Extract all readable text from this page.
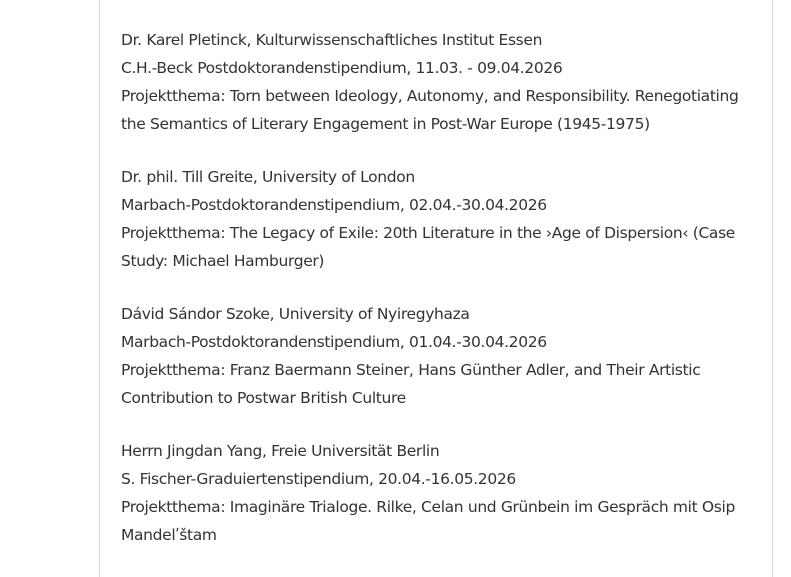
Dr. Karel Pletinck, Kulturwissenschaftliches Institut Essen

C.H.-Beck Postdoktorandenstipendium, 11.03. - 09.04.2026

Projektthema: Torn between Ideology, Autonomy, and Responsibility. Renegotiating the Semantics of Literary Engagement in Post-War Europe (1945-1975)

Dr. phil. Till Greite, University of London

Marbach-Postdoktorandenstipendium, 02.04.-30.04.2026

Projektthema: The Legacy of Exile: 20th Literature in the ›Age of Dispersion‹ (Case Study: Michael Hamburger)

Dávid Sándor Szoke, University of Nyiregyhaza

Marbach-Postdoktorandenstipendium, 01.04.-30.04.2026

Projektthema: Franz Baermann Steiner, Hans Günther Adler, and Their Artistic Contribution to Postwar British Culture

Herrn Jingdan Yang, Freie Universität Berlin

S. Fischer-Graduiertenstipendium, 20.04.-16.05.2026

Projektthema: Imaginäre Trialoge. Rilke, Celan und Grünbein im Gespräch mit Osip Mandelʹštam
